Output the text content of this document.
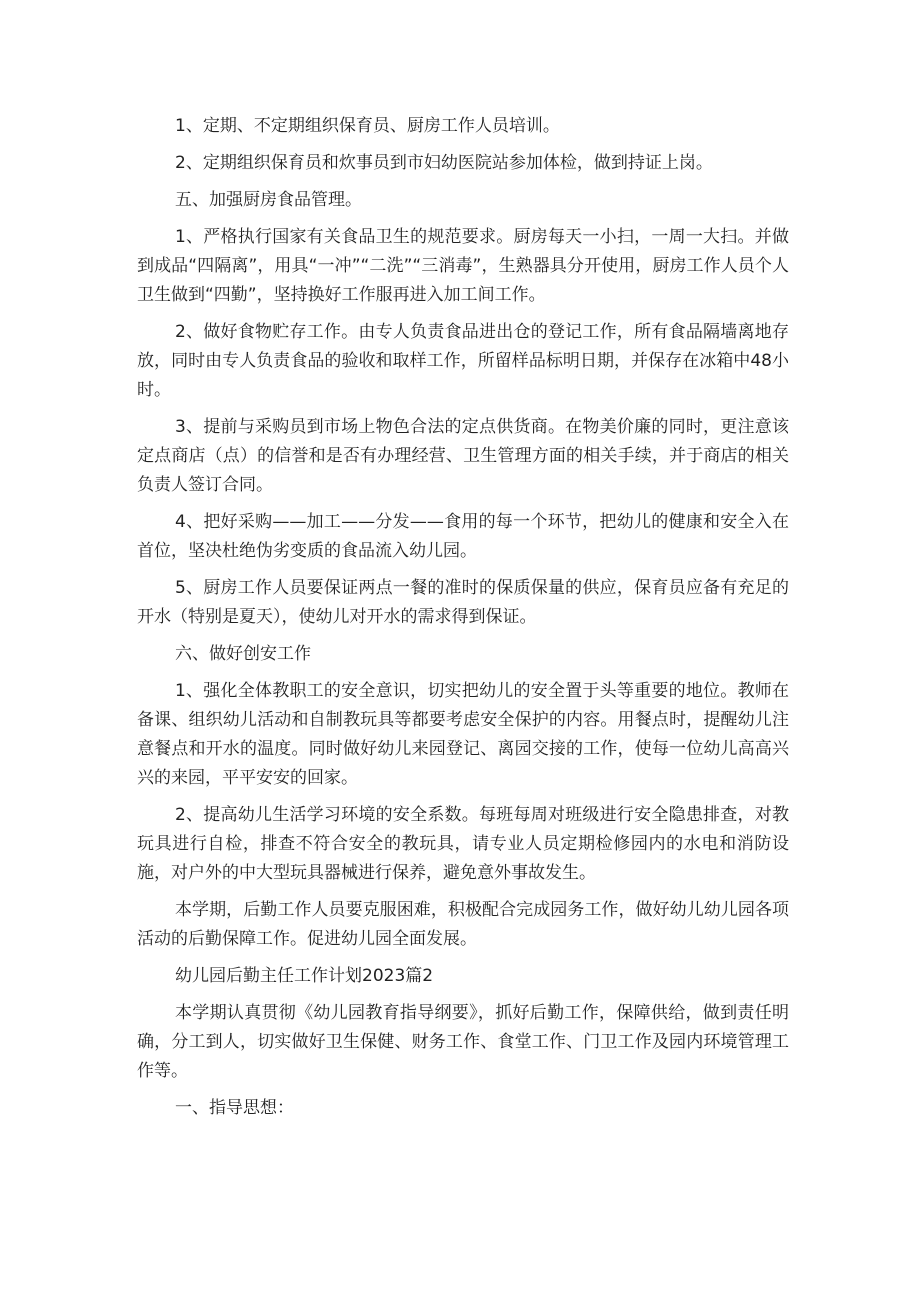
1、定期、不定期组织保育员、厨房工作人员培训。

2、定期组织保育员和炊事员到市妇幼医院站参加体检，做到持证上岗。

五、加强厨房食品管理。

1、严格执行国家有关食品卫生的规范要求。厨房每天一小扫，一周一大扫。并做到成品“四隔离”，用具“一冲”“二洗”“三消毒”，生熟器具分开使用，厨房工作人员个人卫生做到“四勤”，坚持换好工作服再进入加工间工作。

2、做好食物贮存工作。由专人负责食品进出仓的登记工作，所有食品隔墙离地存放，同时由专人负责食品的验收和取样工作，所留样品标明日期，并保存在冰箱中48小时。

3、提前与采购员到市场上物色合法的定点供货商。在物美价廉的同时，更注意该定点商店（点）的信誉和是否有办理经营、卫生管理方面的相关手续，并于商店的相关负责人签订合同。

4、把好采购——加工——分发——食用的每一个环节，把幼儿的健康和安全入在首位，坚决杜绝伪劣变质的食品流入幼儿园。

5、厨房工作人员要保证两点一餐的准时的保质保量的供应，保育员应备有充足的开水（特别是夏天），使幼儿对开水的需求得到保证。

六、做好创安工作

1、强化全体教职工的安全意识，切实把幼儿的安全置于头等重要的地位。教师在备课、组织幼儿活动和自制教玩具等都要考虑安全保护的内容。用餐点时，提醒幼儿注意餐点和开水的温度。同时做好幼儿来园登记、离园交接的工作，使每一位幼儿高高兴兴的来园，平平安安的回家。

2、提高幼儿生活学习环境的安全系数。每班每周对班级进行安全隐患排查，对教玩具进行自检，排查不符合安全的教玩具，请专业人员定期检修园内的水电和消防设施，对户外的中大型玩具器械进行保养，避免意外事故发生。

本学期，后勤工作人员要克服困难，积极配合完成园务工作，做好幼儿幼儿园各项活动的后勤保障工作。促进幼儿园全面发展。

幼儿园后勤主任工作计划2023篇2

本学期认真贯彻《幼儿园教育指导纲要》，抓好后勤工作，保障供给，做到责任明确，分工到人，切实做好卫生保健、财务工作、食堂工作、门卫工作及园内环境管理工作等。

一、指导思想：
